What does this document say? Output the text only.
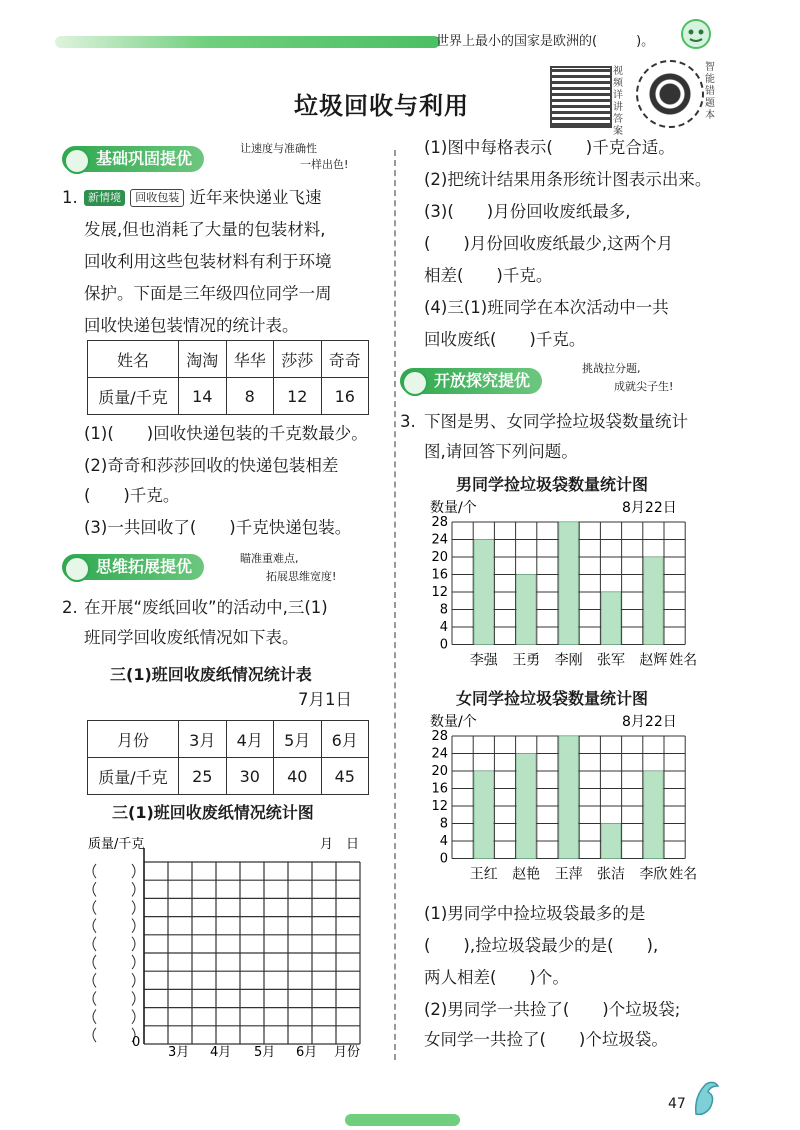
世界上最小的国家是欧洲的(　　　)。
视频详讲答案
智能错题本
垃圾回收与利用
基础巩固提优
让速度与准确性
一样出色!
1. 新情境 回收包装 近年来快递业飞速
发展,但也消耗了大量的包装材料,
回收利用这些包装材料有利于环境
保护。下面是三年级四位同学一周
回收快递包装情况的统计表。
姓名	淘淘	华华	莎莎	奇奇
质量/千克	14	8	12	16
(1)(　　)回收快递包装的千克数最少。
(2)奇奇和莎莎回收的快递包装相差
(　　)千克。
(3)一共回收了(　　)千克快递包装。
思维拓展提优	瞄准重难点,
拓展思维宽度!
2. 在开展“废纸回收”的活动中,三(1)
班同学回收废纸情况如下表。
三(1)班回收废纸情况统计表
7月1日
月份	3月	4月	5月	6月
质量/千克	25	30	40	45
三(1)班回收废纸情况统计图
质量/千克	月　日
0
3月 4月 5月 6月 月份
(1)图中每格表示(　　)千克合适。
(2)把统计结果用条形统计图表示出来。
(3)(　　)月份回收废纸最多,
(　　)月份回收废纸最少,这两个月
相差(　　)千克。
(4)三(1)班同学在本次活动中一共
回收废纸(　　)千克。
开放探究提优
挑战拉分题,
成就尖子生!
3. 下图是男、女同学捡垃圾袋数量统计
图,请回答下列问题。
男同学捡垃圾袋数量统计图
数量/个	8月22日
0
4
8
12
16
20
24
28
李强 王勇 李刚 张军 赵辉 姓名
女同学捡垃圾袋数量统计图
数量/个	8月22日
0
4
8
12
16
20
24
28
王红 赵艳 王萍 张洁 李欣 姓名
(1)男同学中捡垃圾袋最多的是
(　　),捡垃圾袋最少的是(　　),
两人相差(　　)个。
(2)男同学一共捡了(　　)个垃圾袋;
女同学一共捡了(　　)个垃圾袋。
47
